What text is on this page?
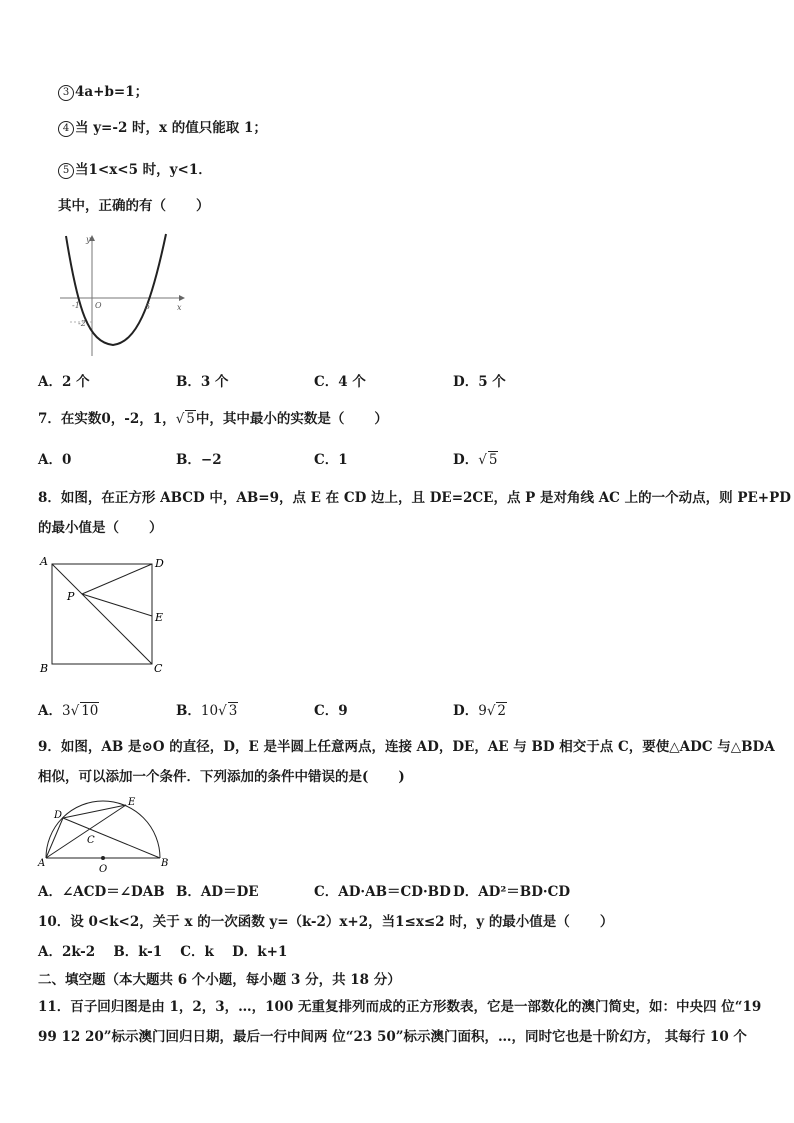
3 4a+b=1；
4 当 y=-2 时，x 的值只能取 1；
5 当1<x<5 时，y<1．
其中，正确的有（ ）
y
x
O
-1	5
-2
A．2 个	B．3 个	C．4 个	D．5 个
7．在实数0，-2，1，√ 5中，其中最小的实数是（ ）
A．0	B．−2	C．1	D．√ 5
8．如图，在正方形 ABCD 中，AB=9，点 E 在 CD 边上，且 DE=2CE，点 P 是对角线 AC 上的一个动点，则 PE+PD
的最小值是（ ）
A	D
B	C
E
P
A．3√ 10	B．10√ 3	C．9	D．9√ 2
9．如图，AB 是⊙O 的直径，D，E 是半圆上任意两点，连接 AD，DE，AE 与 BD 相交于点 C，要使△ADC 与△BDA
相似，可以添加一个条件．下列添加的条件中错误的是( )
A	B
D
E
C
O
A．∠ACD＝∠DAB B．AD＝DE	C．AD·AB＝CD·BD D．AD²＝BD·CD
10．设 0<k<2，关于 x 的一次函数 y=（k-2）x+2，当1≤x≤2 时，y 的最小值是（ ）
A．2k-2　 B．k-1　 C．k　 D．k+1
二、填空题（本大题共 6 个小题，每小题 3 分，共 18 分）
11．百子回归图是由 1，2，3，…，100 无重复排列而成的正方形数表，它是一部数化的澳门简史，如：中央四 位“19
99 12 20”标示澳门回归日期，最后一行中间两 位“23 50”标示澳门面积，…，同时它也是十阶幻方， 其每行 10 个
